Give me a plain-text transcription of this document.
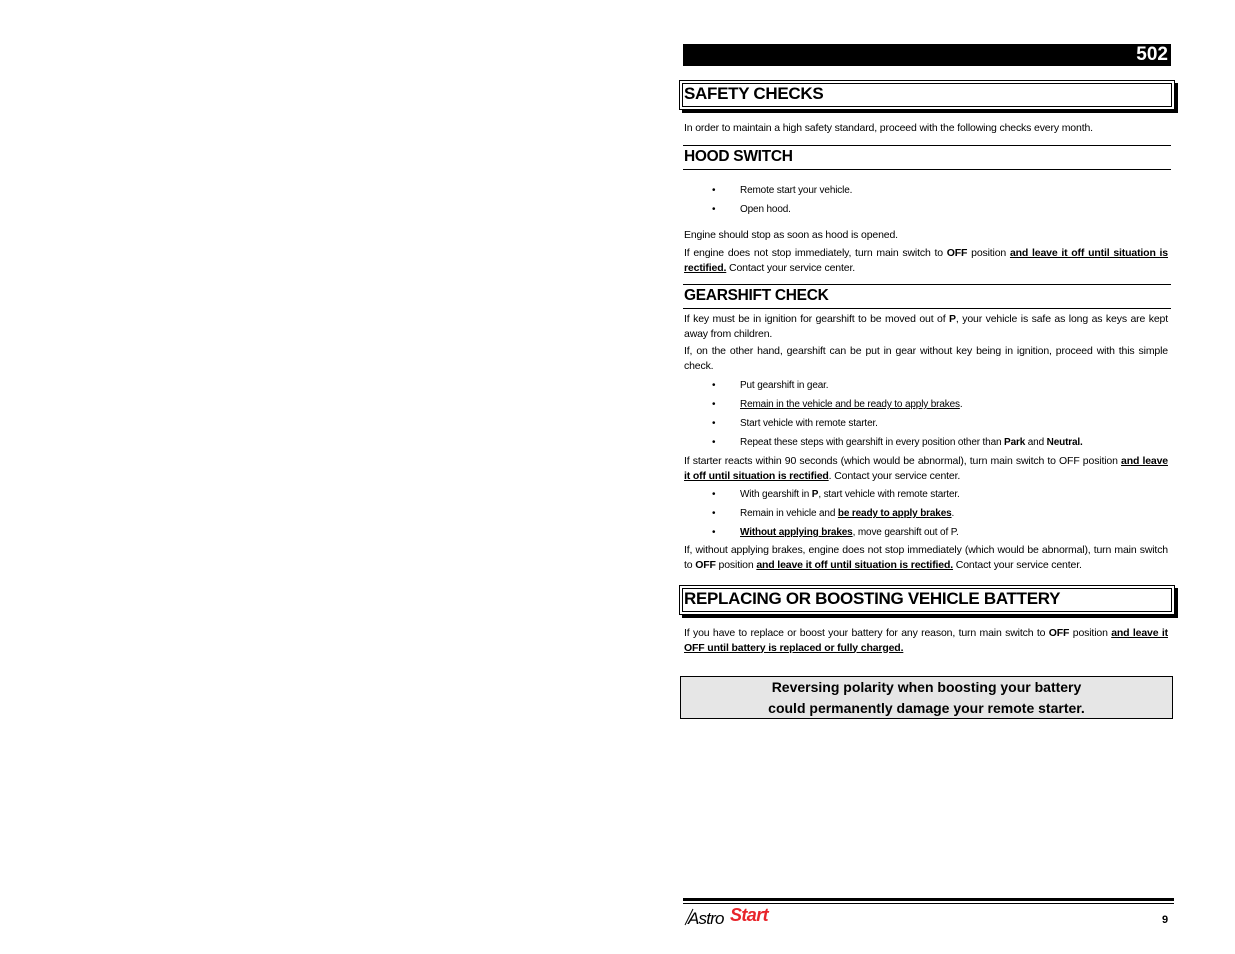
502
SAFETY CHECKS
In order to maintain a high safety standard, proceed with the following checks every month.
HOOD SWITCH
• Remote start your vehicle.
• Open hood.
Engine should stop as soon as hood is opened.
If engine does not stop immediately, turn main switch to OFF position and leave it off until situation is rectified. Contact your service center.
GEARSHIFT CHECK
If key must be in ignition for gearshift to be moved out of P, your vehicle is safe as long as keys are kept away from children.
If, on the other hand, gearshift can be put in gear without key being in ignition, proceed with this simple check.
• Put gearshift in gear.
• Remain in the vehicle and be ready to apply brakes.
• Start vehicle with remote starter.
• Repeat these steps with gearshift in every position other than Park and Neutral.
If starter reacts within 90 seconds (which would be abnormal), turn main switch to OFF position and leave it off until situation is rectified. Contact your service center.
• With gearshift in P, start vehicle with remote starter.
• Remain in vehicle and be ready to apply brakes.
• Without applying brakes, move gearshift out of P.
If, without applying brakes, engine does not stop immediately (which would be abnormal), turn main switch to OFF position and leave it off until situation is rectified. Contact your service center.
REPLACING OR BOOSTING VEHICLE BATTERY
If you have to replace or boost your battery for any reason, turn main switch to OFF position and leave it OFF until battery is replaced or fully charged.
Reversing polarity when boosting your battery
could permanently damage your remote starter.
Astro Start	9
